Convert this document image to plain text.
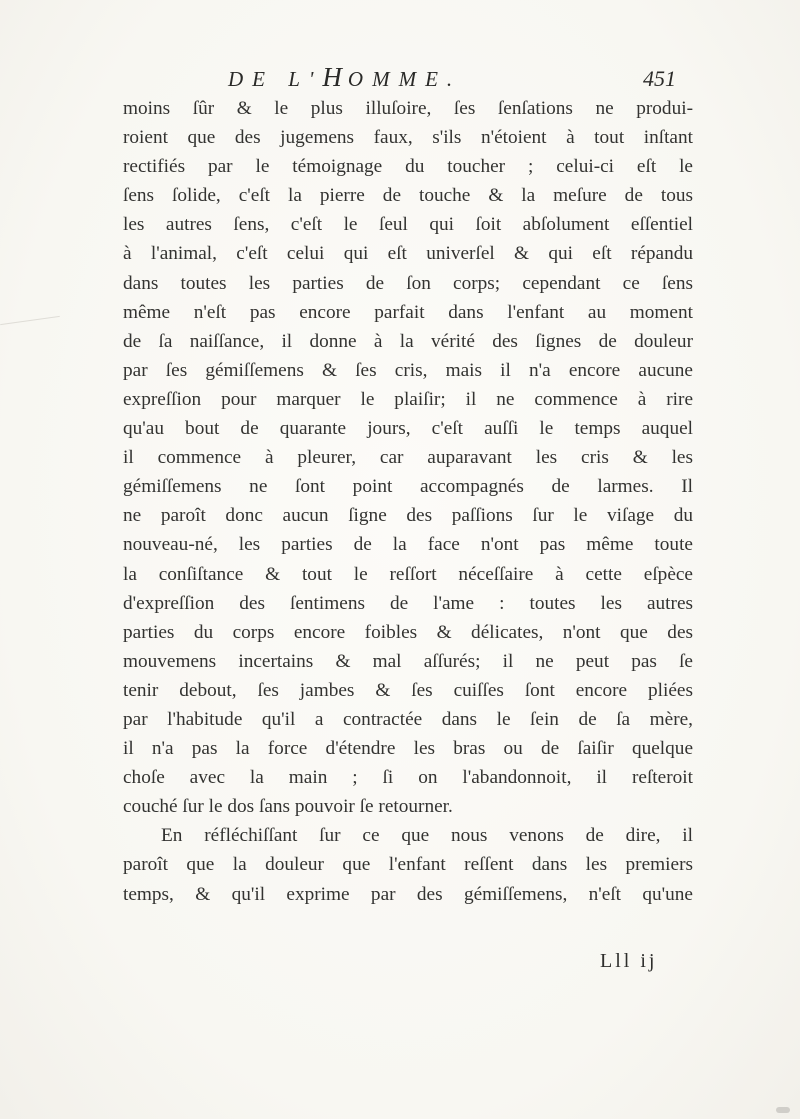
DE L'HOMME.	451
moins ſûr & le plus illuſoire, ſes ſenſations ne produi-
roient que des jugemens faux, s'ils n'étoient à tout inſtant
rectifiés par le témoignage du toucher ; celui-ci eſt le
ſens ſolide, c'eſt la pierre de touche & la meſure de tous
les autres ſens, c'eſt le ſeul qui ſoit abſolument eſſentiel
à l'animal, c'eſt celui qui eſt univerſel & qui eſt répandu
dans toutes les parties de ſon corps; cependant ce ſens
même n'eſt pas encore parfait dans l'enfant au moment
de ſa naiſſance, il donne à la vérité des ſignes de douleur
par ſes gémiſſemens & ſes cris, mais il n'a encore aucune
expreſſion pour marquer le plaiſir; il ne commence à rire
qu'au bout de quarante jours, c'eſt auſſi le temps auquel
il commence à pleurer, car auparavant les cris & les
gémiſſemens ne ſont point accompagnés de larmes. Il
ne paroît donc aucun ſigne des paſſions ſur le viſage du
nouveau-né, les parties de la face n'ont pas même toute
la conſiſtance & tout le reſſort néceſſaire à cette eſpèce
d'expreſſion des ſentimens de l'ame : toutes les autres
parties du corps encore foibles & délicates, n'ont que des
mouvemens incertains & mal aſſurés; il ne peut pas ſe
tenir debout, ſes jambes & ſes cuiſſes ſont encore pliées
par l'habitude qu'il a contractée dans le ſein de ſa mère,
il n'a pas la force d'étendre les bras ou de ſaiſir quelque
choſe avec la main ; ſi on l'abandonnoit, il reſteroit
couché ſur le dos ſans pouvoir ſe retourner.
En réfléchiſſant ſur ce que nous venons de dire, il
paroît que la douleur que l'enfant reſſent dans les premiers
temps, & qu'il exprime par des gémiſſemens, n'eſt qu'une
Lll ij
